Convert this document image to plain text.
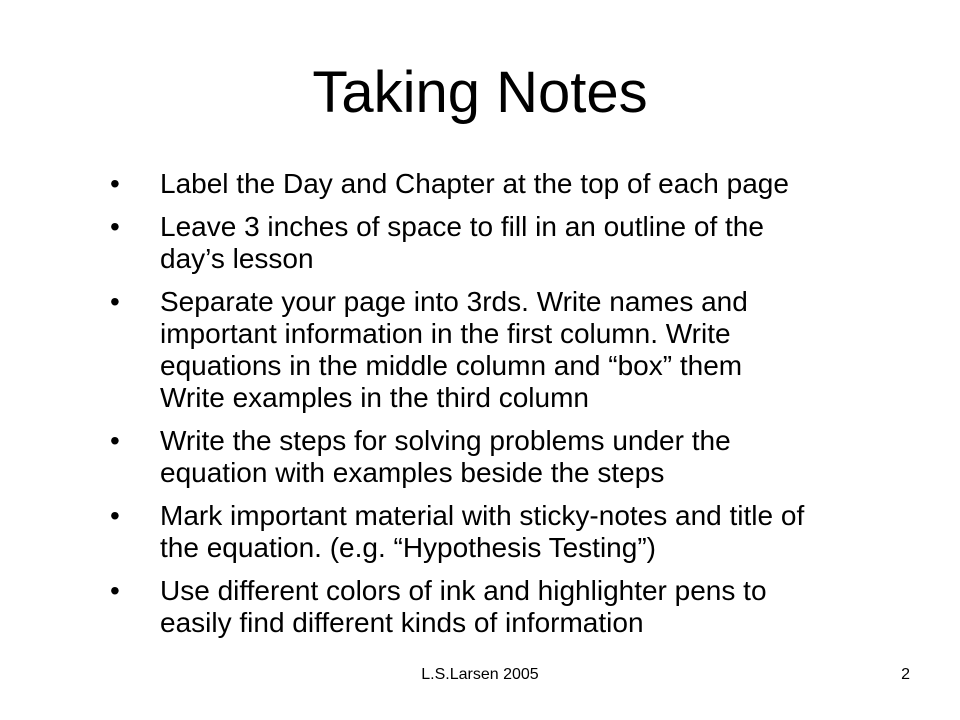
Taking Notes
•	Label the Day and Chapter at the top of each page
•	Leave 3 inches of space to fill in an outline of the
day’s lesson
•	Separate your page into 3rds. Write names and
important information in the first column. Write
equations in the middle column and “box” them
Write examples in the third column
•	Write the steps for solving problems under the
equation with examples beside the steps
•	Mark important material with sticky-notes and title of
the equation. (e.g. “Hypothesis Testing”)
•	Use different colors of ink and highlighter pens to
easily find different kinds of information
L.S.Larsen 2005	2
